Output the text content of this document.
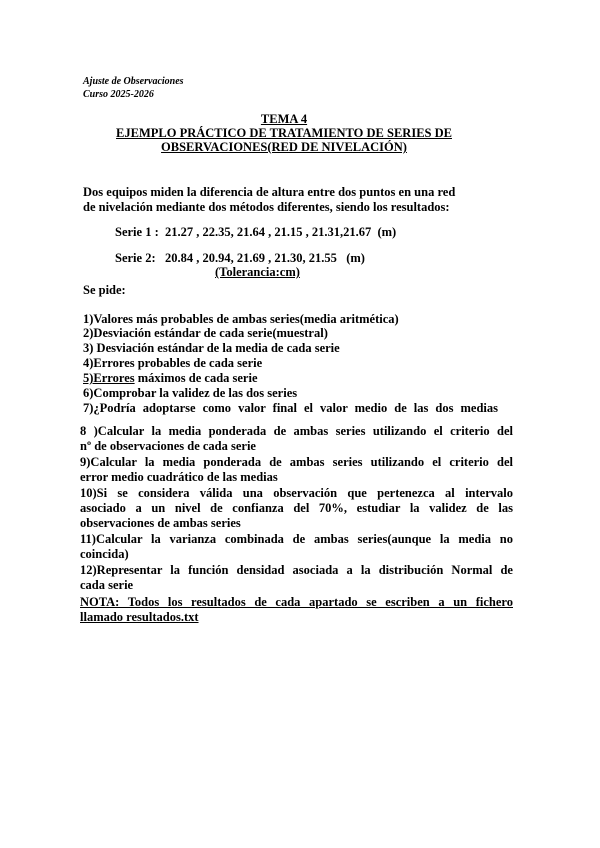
Ajuste de Observaciones

Curso 2025-2026

TEMA 4

EJEMPLO PRÁCTICO DE TRATAMIENTO DE SERIES DE

OBSERVACIONES(RED DE NIVELACIÓN)

Dos equipos miden la diferencia de altura entre dos puntos en una red

de nivelación mediante dos métodos diferentes, siendo los resultados:

Serie 1 :  21.27 , 22.35, 21.64 , 21.15 , 21.31,21.67  (m)

Serie 2:   20.84 , 20.94, 21.69 , 21.30, 21.55   (m)

(Tolerancia:cm)

Se pide:

1)Valores más probables de ambas series(media aritmética)

2)Desviación estándar de cada serie(muestral)

3) Desviación estándar de la media de cada serie

4)Errores probables de cada serie

5)Errores máximos de cada serie

6)Comprobar la validez de las dos series

7)¿Podría adoptarse como valor final el valor medio de las dos medias

8 )Calcular la media ponderada de ambas series utilizando el criterio del

nº de observaciones de cada serie

9)Calcular la media ponderada de ambas series utilizando el criterio del

error medio cuadrático de las medias

10)Si se considera válida una observación que pertenezca al intervalo

asociado a un nivel de confianza del 70%, estudiar la validez de las

observaciones de ambas series

11)Calcular la varianza combinada de ambas series(aunque la media no

coincida)

12)Representar la función densidad asociada a la distribución Normal de

cada serie

NOTA: Todos los resultados de cada apartado se escriben a un fichero

llamado resultados.txt
